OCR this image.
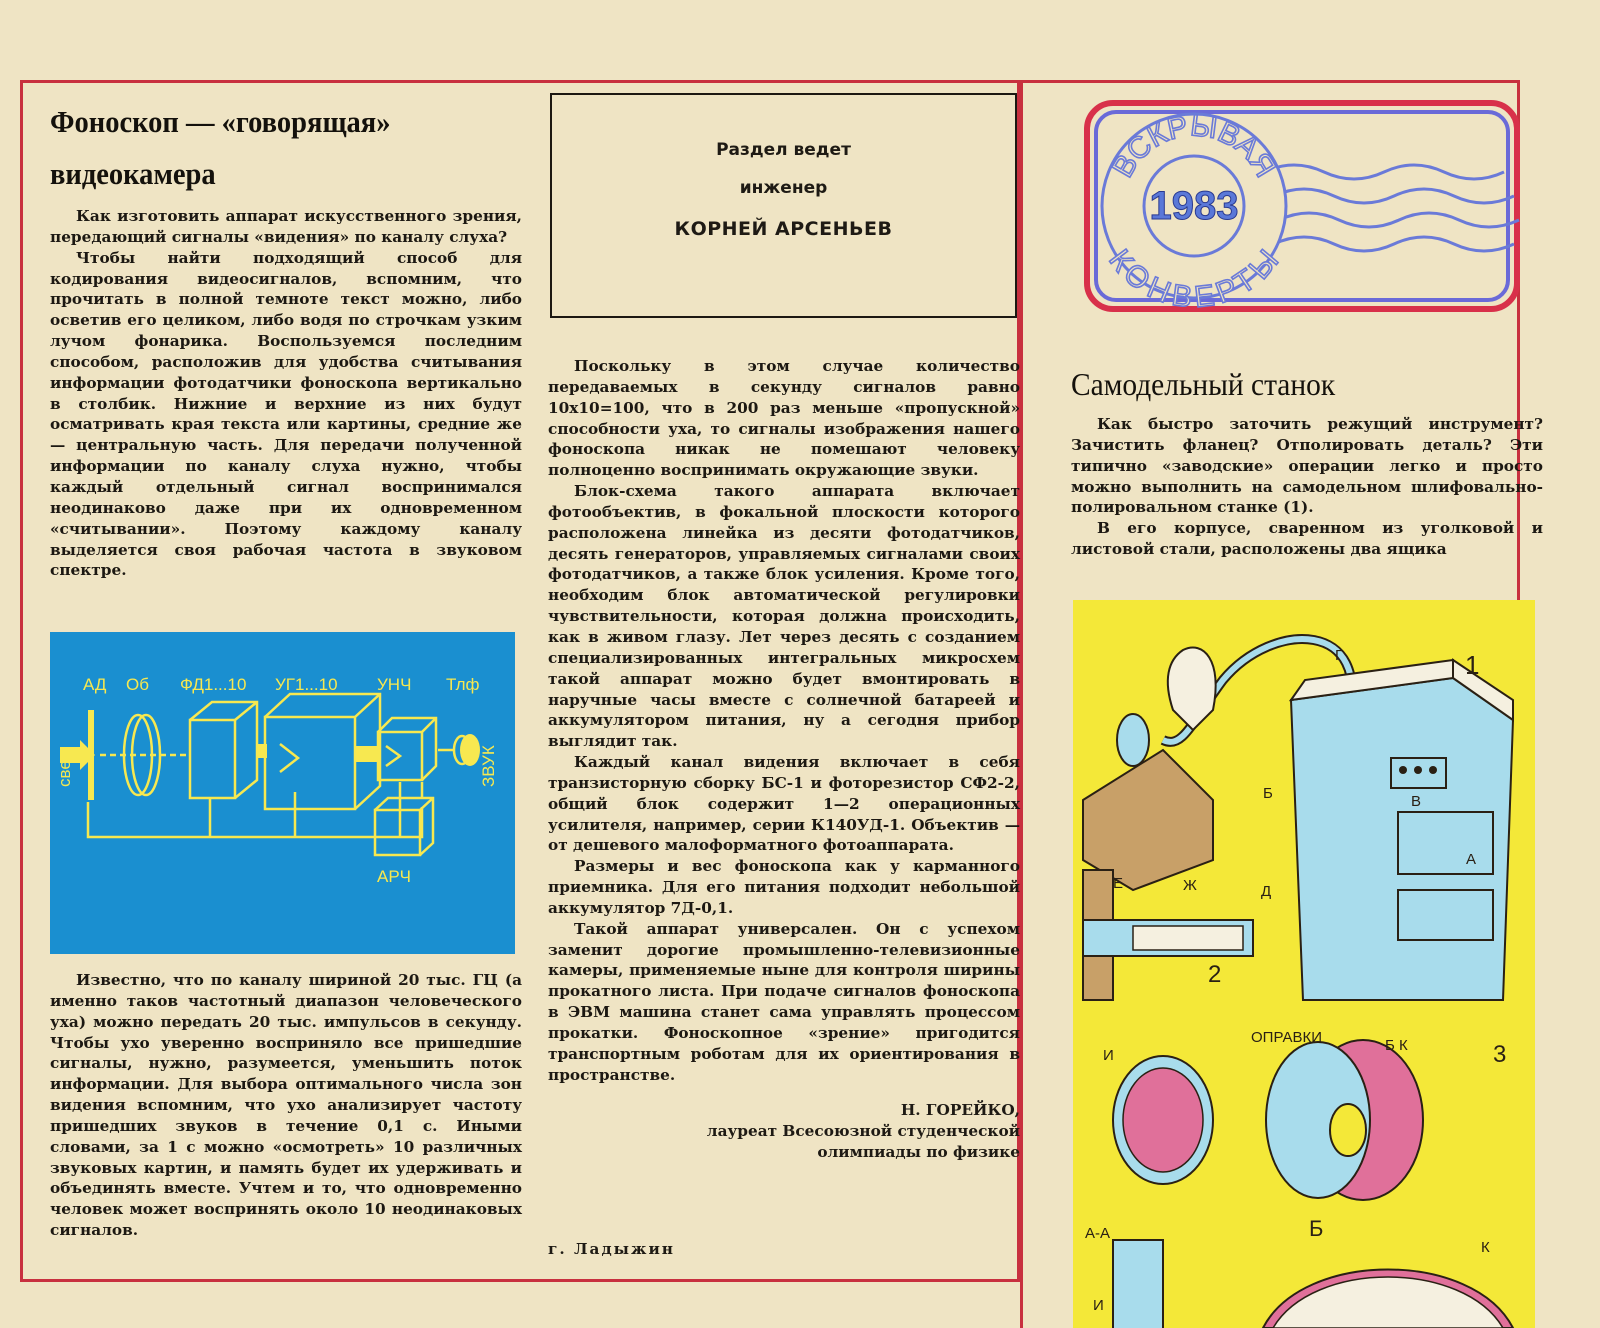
Фоноскоп — «говорящая»
видеокамера

Как изготовить аппарат искусственного зрения, передающий сигналы «видения» по каналу слуха?

Чтобы найти подходящий способ для кодирования видеосигналов, вспомним, что прочитать в полной темноте текст можно, либо осветив его целиком, либо водя по строчкам узким лучом фонарика. Воспользуемся последним способом, расположив для удобства считывания информации фотодатчики фоноскопа вертикально в столбик. Нижние и верхние из них будут осматривать края текста или картины, средние же — центральную часть. Для передачи полученной информации по каналу слуха нужно, чтобы каждый отдельный сигнал воспринимался неодинаково даже при их одновременном «считывании». Поэтому каждому каналу выделяется своя рабочая частота в звуковом спектре.

АД Об ФД1...10 УГ1...10 УНЧ Тлф
свет	ЗВУК
АРЧ

Известно, что по каналу шириной 20 тыс. ГЦ (а именно таков частотный диапазон человеческого уха) можно передать 20 тыс. импульсов в секунду. Чтобы ухо уверенно восприняло все пришедшие сигналы, нужно, разумеется, уменьшить поток информации. Для выбора оптимального числа зон видения вспомним, что ухо анализирует частоту пришедших звуков в течение 0,1 с. Иными словами, за 1 с можно «осмотреть» 10 различных звуковых картин, и память будет их удерживать и объединять вместе. Учтем и то, что одновременно человек может воспринять около 10 неодинаковых сигналов.

Раздел ведет
инженер
КОРНЕЙ АРСЕНЬЕВ

Поскольку в этом случае количество передаваемых в секунду сигналов равно 10x10=100, что в 200 раз меньше «пропускной» способности уха, то сигналы изображения нашего фоноскопа никак не помешают человеку полноценно воспринимать окружающие звуки.

Блок-схема такого аппарата включает фотообъектив, в фокальной плоскости которого расположена линейка из десяти фотодатчиков, десять генераторов, управляемых сигналами своих фотодатчиков, а также блок усиления. Кроме того, необходим блок автоматической регулировки чувствительности, которая должна происходить, как в живом глазу. Лет через десять с созданием специализированных интегральных микросхем такой аппарат можно будет вмонтировать в наручные часы вместе с солнечной батареей и аккумулятором питания, ну а сегодня прибор выглядит так.

Каждый канал видения включает в себя транзисторную сборку БС-1 и фоторезистор СФ2-2, общий блок содержит 1—2 операционных усилителя, например, серии К140УД-1. Объектив — от дешевого малоформатного фотоаппарата.

Размеры и вес фоноскопа как у карманного приемника. Для его питания подходит небольшой аккумулятор 7Д-0,1.

Такой аппарат универсален. Он с успехом заменит дорогие промышленно-телевизионные камеры, применяемые ныне для контроля ширины прокатного листа. При подаче сигналов фоноскопа в ЭВМ машина станет сама управлять процессом прокатки. Фоноскопное «зрение» пригодится транспортным роботам для их ориентирования в пространстве.

Н. ГОРЕЙКО,
лауреат Всесоюзной студенческой
олимпиады по физике
г. Ладыжин
ВСКРЫВАЯ
КОНВЕРТЫ
1983
Самодельный станок

Как быстро заточить режущий инструмент? Зачистить фланец? Отполировать деталь? Эти типично «заводские» операции легко и просто можно выполнить на самодельном шлифовально-полировальном станке (1).

В его корпусе, сваренном из уголковой и листовой стали, расположены два ящика

1
2
3
Г
Б	В
А
Е	Ж	Д
ОПРАВКИ
И
Б К
А-А	Б
К
И
